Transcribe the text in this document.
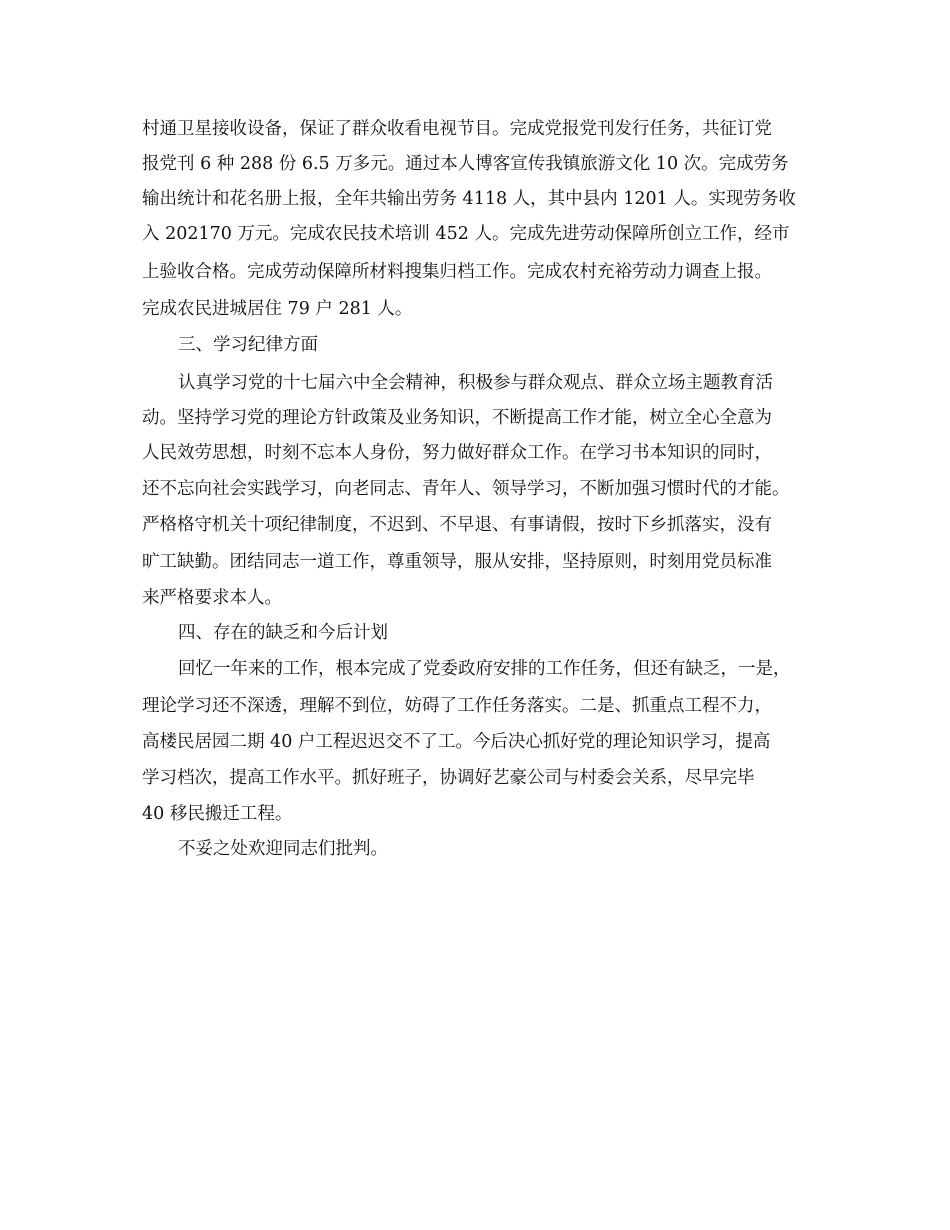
村通卫星接收设备，保证了群众收看电视节目。完成党报党刊发行任务，共征订党

报党刊 6 种 288 份 6.5 万多元。通过本人博客宣传我镇旅游文化 10 次。完成劳务

输出统计和花名册上报，全年共输出劳务 4118 人，其中县内 1201 人。实现劳务收

入 202170 万元。完成农民技术培训 452 人。完成先进劳动保障所创立工作，经市

上验收合格。完成劳动保障所材料搜集归档工作。完成农村充裕劳动力调查上报。

完成农民进城居住 79 户 281 人。

三、学习纪律方面

认真学习党的十七届六中全会精神，积极参与群众观点、群众立场主题教育活

动。坚持学习党的理论方针政策及业务知识，不断提高工作才能，树立全心全意为

人民效劳思想，时刻不忘本人身份，努力做好群众工作。在学习书本知识的同时，

还不忘向社会实践学习，向老同志、青年人、领导学习，不断加强习惯时代的才能。

严格格守机关十项纪律制度，不迟到、不早退、有事请假，按时下乡抓落实，没有

旷工缺勤。团结同志一道工作，尊重领导，服从安排，坚持原则，时刻用党员标准

来严格要求本人。

四、存在的缺乏和今后计划

回忆一年来的工作，根本完成了党委政府安排的工作任务，但还有缺乏，一是，

理论学习还不深透，理解不到位，妨碍了工作任务落实。二是、抓重点工程不力，

高楼民居园二期 40 户工程迟迟交不了工。今后决心抓好党的理论知识学习，提高

学习档次，提高工作水平。抓好班子，协调好艺豪公司与村委会关系，尽早完毕

40 移民搬迁工程。

不妥之处欢迎同志们批判。
